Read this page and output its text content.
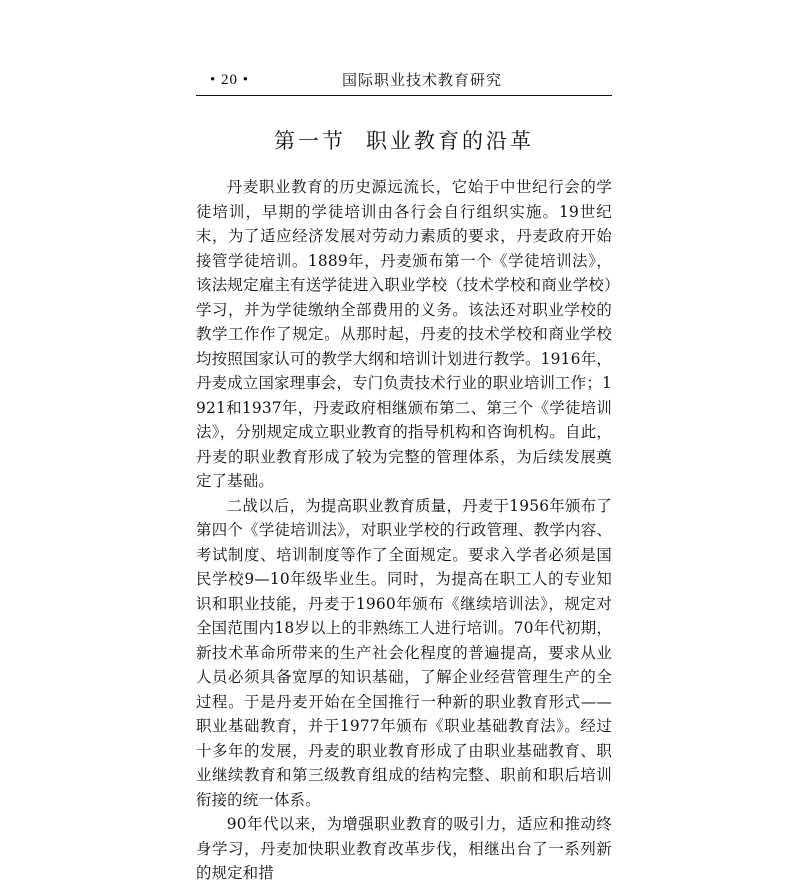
• 20 •	国际职业技术教育研究
第一节 职业教育的沿革

丹麦职业教育的历史源远流长，它始于中世纪行会的学徒培训，早期的学徒培训由各行会自行组织实施。19世纪末，为了适应经济发展对劳动力素质的要求，丹麦政府开始接管学徒培训。1889年，丹麦颁布第一个《学徒培训法》，该法规定雇主有送学徒进入职业学校（技术学校和商业学校）学习，并为学徒缴纳全部费用的义务。该法还对职业学校的教学工作作了规定。从那时起，丹麦的技术学校和商业学校均按照国家认可的教学大纲和培训计划进行教学。1916年，丹麦成立国家理事会，专门负责技术行业的职业培训工作；1921和1937年，丹麦政府相继颁布第二、第三个《学徒培训法》，分别规定成立职业教育的指导机构和咨询机构。自此，丹麦的职业教育形成了较为完整的管理体系，为后续发展奠定了基础。

二战以后，为提高职业教育质量，丹麦于1956年颁布了第四个《学徒培训法》，对职业学校的行政管理、教学内容、考试制度、培训制度等作了全面规定。要求入学者必须是国民学校9—10年级毕业生。同时，为提高在职工人的专业知识和职业技能，丹麦于1960年颁布《继续培训法》，规定对全国范围内18岁以上的非熟练工人进行培训。70年代初期，新技术革命所带来的生产社会化程度的普遍提高，要求从业人员必须具备宽厚的知识基础，了解企业经营管理生产的全过程。于是丹麦开始在全国推行一种新的职业教育形式——职业基础教育，并于1977年颁布《职业基础教育法》。经过十多年的发展，丹麦的职业教育形成了由职业基础教育、职业继续教育和第三级教育组成的结构完整、职前和职后培训衔接的统一体系。

90年代以来，为增强职业教育的吸引力，适应和推动终身学习，丹麦加快职业教育改革步伐，相继出台了一系列新的规定和措
